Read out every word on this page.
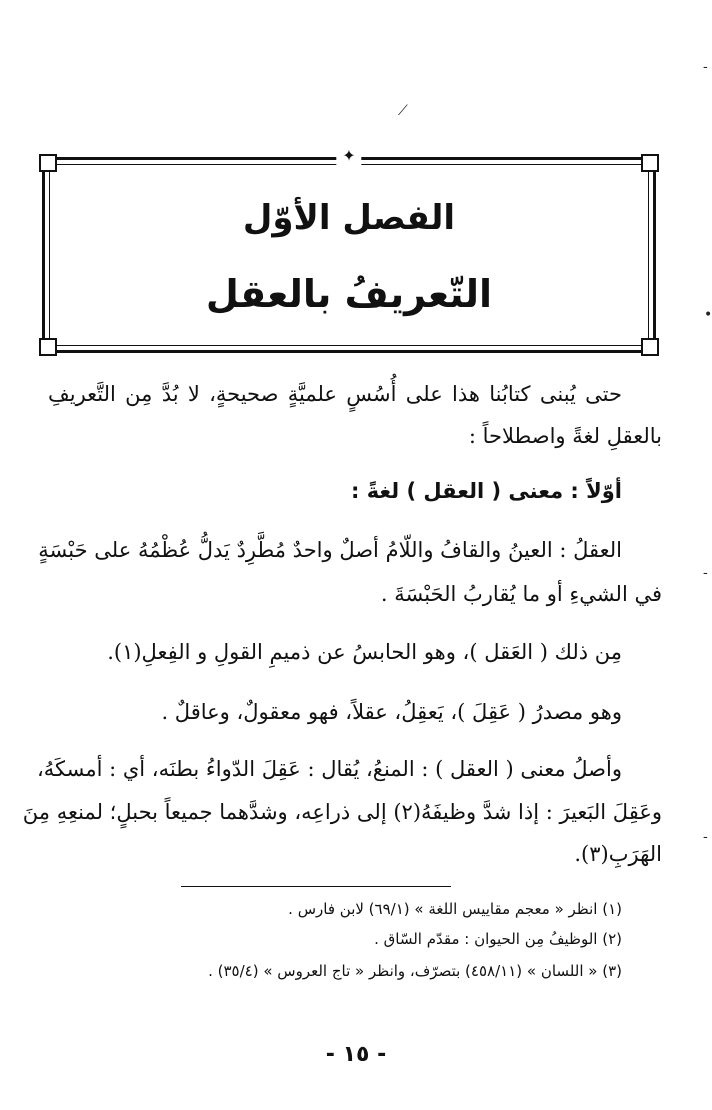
⟍
-
•
-
-
✦
الفصل الأوّل
التّعريفُ بالعقل
حتى يُبنى كتابُنا هذا على أُسُسٍ علميَّةٍ صحيحةٍ، لا بُدَّ مِن التَّعريفِ
بالعقلِ لغةً واصطلاحاً :
أوّلاً : معنى ( العقل ) لغةً :
العقلُ : العينُ والقافُ واللّامُ أصلٌ واحدٌ مُطَّرِدٌ يَدلُّ عُظْمُهُ على حَبْسَةٍ
في الشيءِ أو ما يُقاربُ الحَبْسَةَ .
مِن ذلك ( العَقل )، وهو الحابسُ عن ذميمِ القولِ و الفِعلِ(١).
وهو مصدرُ ( عَقِلَ )، يَعقِلُ، عقلاً، فهو معقولٌ، وعاقلٌ .
وأصلُ معنى ( العقل ) : المنعُ، يُقال : عَقِلَ الدّواءُ بطنَه، أي : أمسكَهُ،
وعَقِلَ البَعيرَ : إذا شدَّ وظيفَهُ(٢) إلى ذراعِه، وشدَّهما جميعاً بحبلٍ؛ لمنعِهِ مِنَ
الهَرَبِ(٣).
(١) انظر « معجم مقاييس اللغة » (٦٩/١) لابن فارس .
(٢) الوظيفُ مِن الحيوان : مقدّم السّاق .
(٣) « اللسان » (٤٥٨/١١) بتصرّف، وانظر « تاج العروس » (٣٥/٤) .
- ١٥ -
